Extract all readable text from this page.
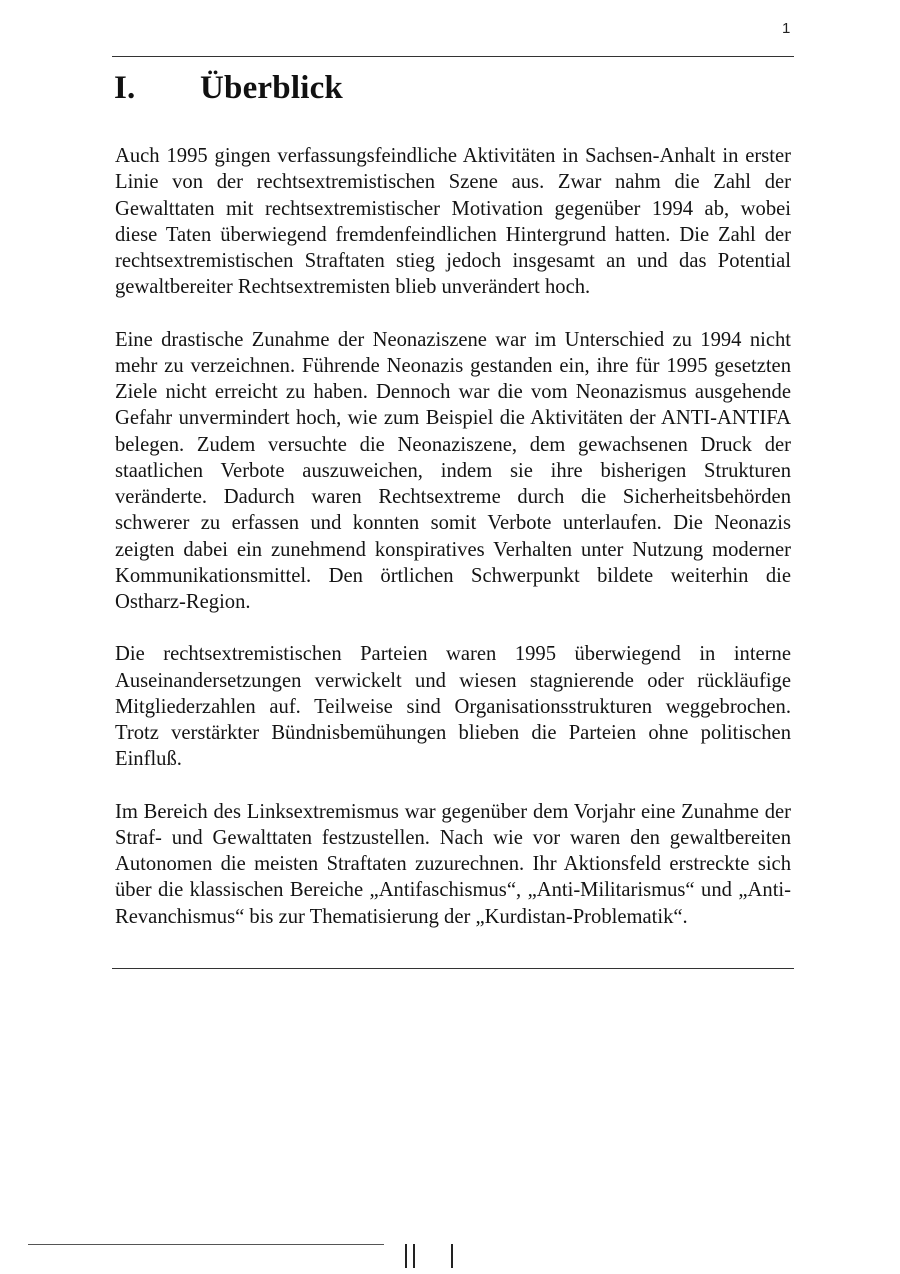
1
I.	Überblick

Auch 1995 gingen verfassungsfeindliche Aktivitäten in Sachsen-Anhalt in erster Linie von der rechtsextremistischen Szene aus. Zwar nahm die Zahl der Gewalttaten mit rechtsextremistischer Motivation gegenüber 1994 ab, wobei diese Taten überwiegend fremdenfeindlichen Hintergrund hatten. Die Zahl der rechtsextremistischen Straftaten stieg jedoch insgesamt an und das Potential gewaltbereiter Rechtsextremisten blieb unverändert hoch.

Eine drastische Zunahme der Neonaziszene war im Unterschied zu 1994 nicht mehr zu verzeichnen. Führende Neonazis gestanden ein, ihre für 1995 gesetzten Ziele nicht erreicht zu haben. Dennoch war die vom Neonazismus ausgehende Gefahr unvermindert hoch, wie zum Beispiel die Aktivitäten der ANTI-ANTIFA belegen. Zudem versuchte die Neonaziszene, dem gewachsenen Druck der staatlichen Verbote auszuweichen, indem sie ihre bisherigen Strukturen veränderte. Dadurch waren Rechtsextreme durch die Sicherheitsbehörden schwerer zu erfassen und konnten somit Verbote unterlaufen. Die Neonazis zeigten dabei ein zunehmend konspiratives Verhalten unter Nutzung moderner Kommunikationsmittel. Den örtlichen Schwerpunkt bildete weiterhin die Ostharz-Region.

Die rechtsextremistischen Parteien waren 1995 überwiegend in interne Auseinandersetzungen verwickelt und wiesen stagnierende oder rückläufige Mitgliederzahlen auf. Teilweise sind Organisationsstrukturen weggebrochen. Trotz verstärkter Bündnisbemühungen blieben die Parteien ohne politischen Einfluß.

Im Bereich des Linksextremismus war gegenüber dem Vorjahr eine Zunahme der Straf- und Gewalttaten festzustellen. Nach wie vor waren den gewaltbereiten Autonomen die meisten Straftaten zuzurechnen. Ihr Aktionsfeld erstreckte sich über die klassischen Bereiche „Antifaschismus“, „Anti-Militarismus“ und „Anti-Revanchismus“ bis zur Thematisierung der „Kurdistan-Problematik“.
